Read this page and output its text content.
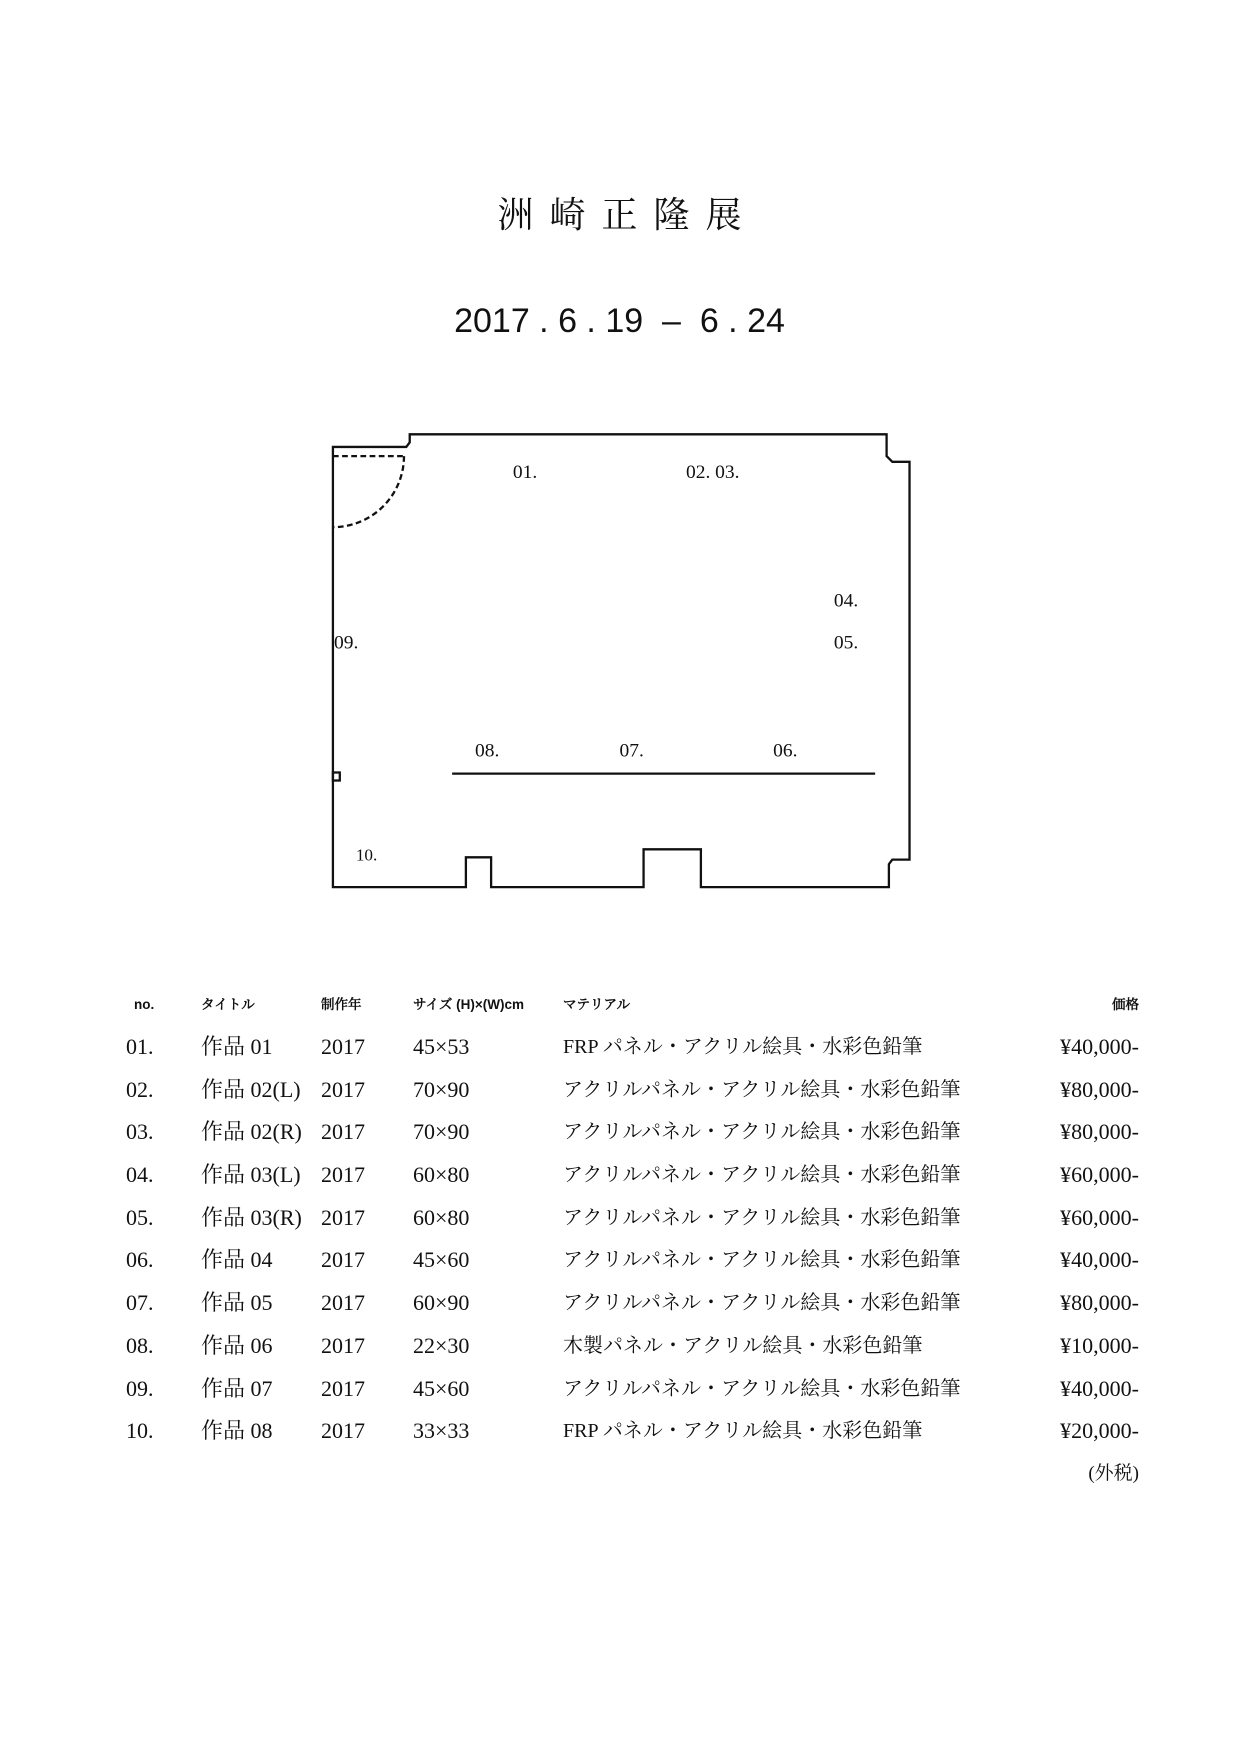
洲崎正隆展
2017 . 6 . 19  –  6 . 24
01.	02. 03.
04.
05.
09.
08.	07.	06.
10.
no.	タイトル	制作年	サイズ (H)×(W)cm	マテリアル	価格
01. 作品 01 2017 45×53	FRP パネル・アクリル絵具・水彩色鉛筆	¥40,000-
02. 作品 02(L) 2017 70×90	アクリルパネル・アクリル絵具・水彩色鉛筆	¥80,000-
03. 作品 02(R) 2017 70×90	アクリルパネル・アクリル絵具・水彩色鉛筆	¥80,000-
04. 作品 03(L) 2017 60×80	アクリルパネル・アクリル絵具・水彩色鉛筆	¥60,000-
05. 作品 03(R) 2017 60×80	アクリルパネル・アクリル絵具・水彩色鉛筆	¥60,000-
06. 作品 04 2017 45×60	アクリルパネル・アクリル絵具・水彩色鉛筆	¥40,000-
07. 作品 05 2017 60×90	アクリルパネル・アクリル絵具・水彩色鉛筆	¥80,000-
08. 作品 06 2017 22×30	木製パネル・アクリル絵具・水彩色鉛筆	¥10,000-
09. 作品 07 2017 45×60	アクリルパネル・アクリル絵具・水彩色鉛筆	¥40,000-
10. 作品 08 2017 33×33	FRP パネル・アクリル絵具・水彩色鉛筆	¥20,000-
(外税)
